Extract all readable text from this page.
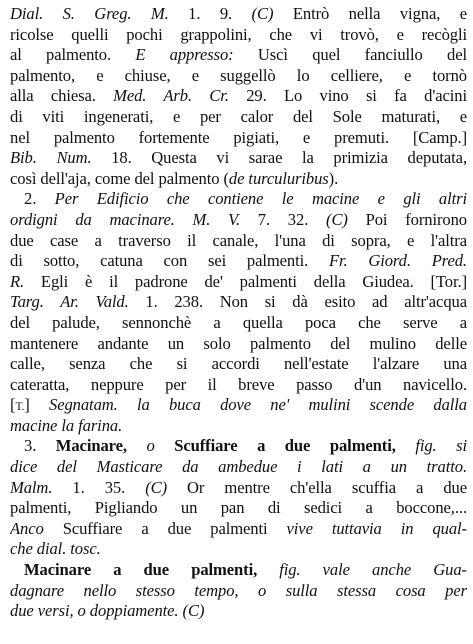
Dial. S. Greg. M. 1. 9. (C) Entrò nella vigna, e
ricolse quelli pochi grappolini, che vi trovò, e recògli
al palmento. E appresso: Uscì quel fanciullo del
palmento, e chiuse, e suggellò lo celliere, e tornò
alla chiesa. Med. Arb. Cr. 29. Lo vino si fa d'acini
di viti ingenerati, e per calor del Sole maturati, e
nel palmento fortemente pigiati, e premuti. [Camp.]
Bib. Num. 18. Questa vi sarae la primizia deputata,
così dell'aja, come del palmento (de turculuribus).
2. Per Edificio che contiene le macine e gli altri
ordigni da macinare. M. V. 7. 32. (C) Poi fornirono
due case a traverso il canale, l'una di sopra, e l'altra
di sotto, catuna con sei palmenti. Fr. Giord. Pred.
R. Egli è il padrone de' palmenti della Giudea. [Tor.]
Targ. Ar. Vald. 1. 238. Non si dà esito ad altr'acqua
del palude, sennonchè a quella poca che serve a
mantenere andante un solo palmento del mulino delle
calle, senza che si accordi nell'estate l'alzare una
cateratta, neppure per il breve passo d'un navicello.
[T.] Segnatam. la buca dove ne' mulini scende dalla
macine la farina.
3. Macinare, o Scuffiare a due palmenti, fig. si
dice del Masticare da ambedue i lati a un tratto.
Malm. 1. 35. (C) Or mentre ch'ella scuffia a due
palmenti, Pigliando un pan di sedici a boccone,...
Anco Scuffiare a due palmenti vive tuttavia in qual-
che dial. tosc.
Macinare a due palmenti, fig. vale anche Gua-
dagnare nello stesso tempo, o sulla stessa cosa per
due versi, o doppiamente. (C)
